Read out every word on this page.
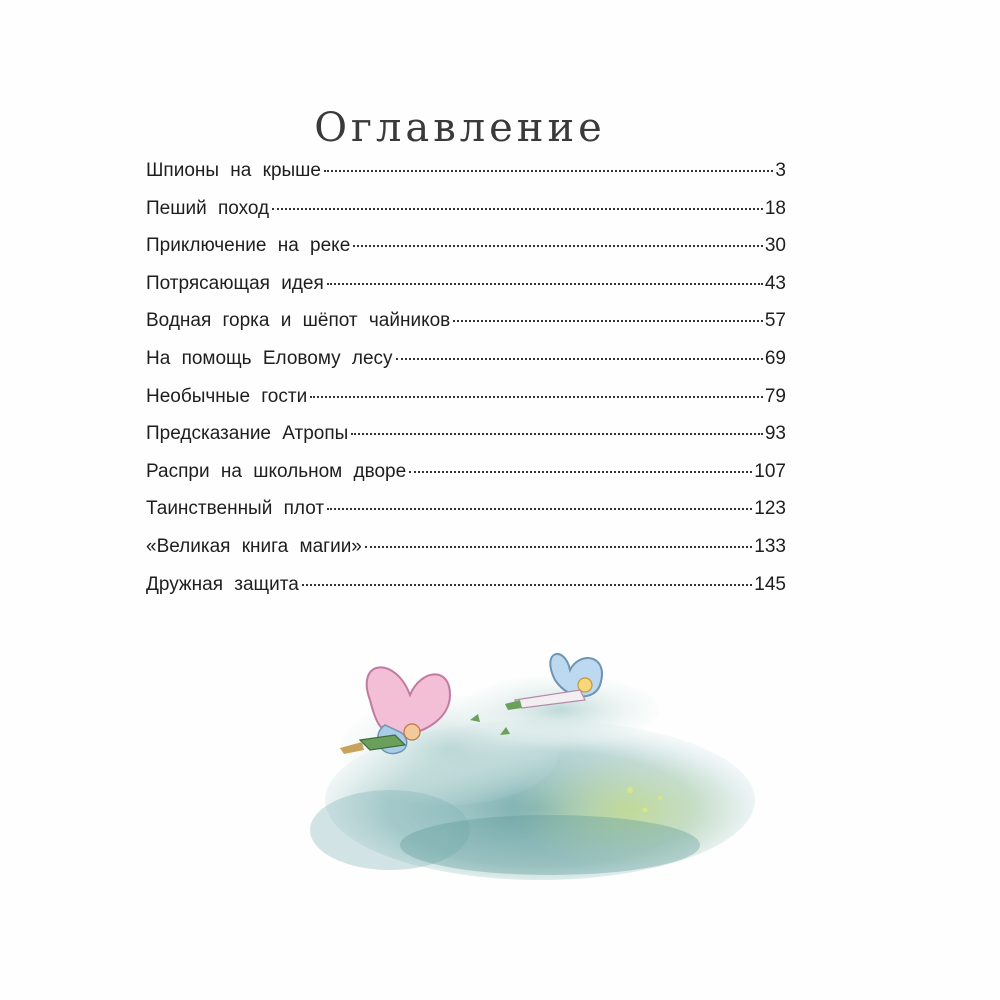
Оглавление
Шпионы на крыше	3
Пеший поход	18
Приключение на реке	30
Потрясающая идея	43
Водная горка и шёпот чайников	57
На помощь Еловому лесу	69
Необычные гости	79
Предсказание Атропы	93
Распри на школьном дворе	107
Таинственный плот	123
«Великая книга магии»	133
Дружная защита	145
